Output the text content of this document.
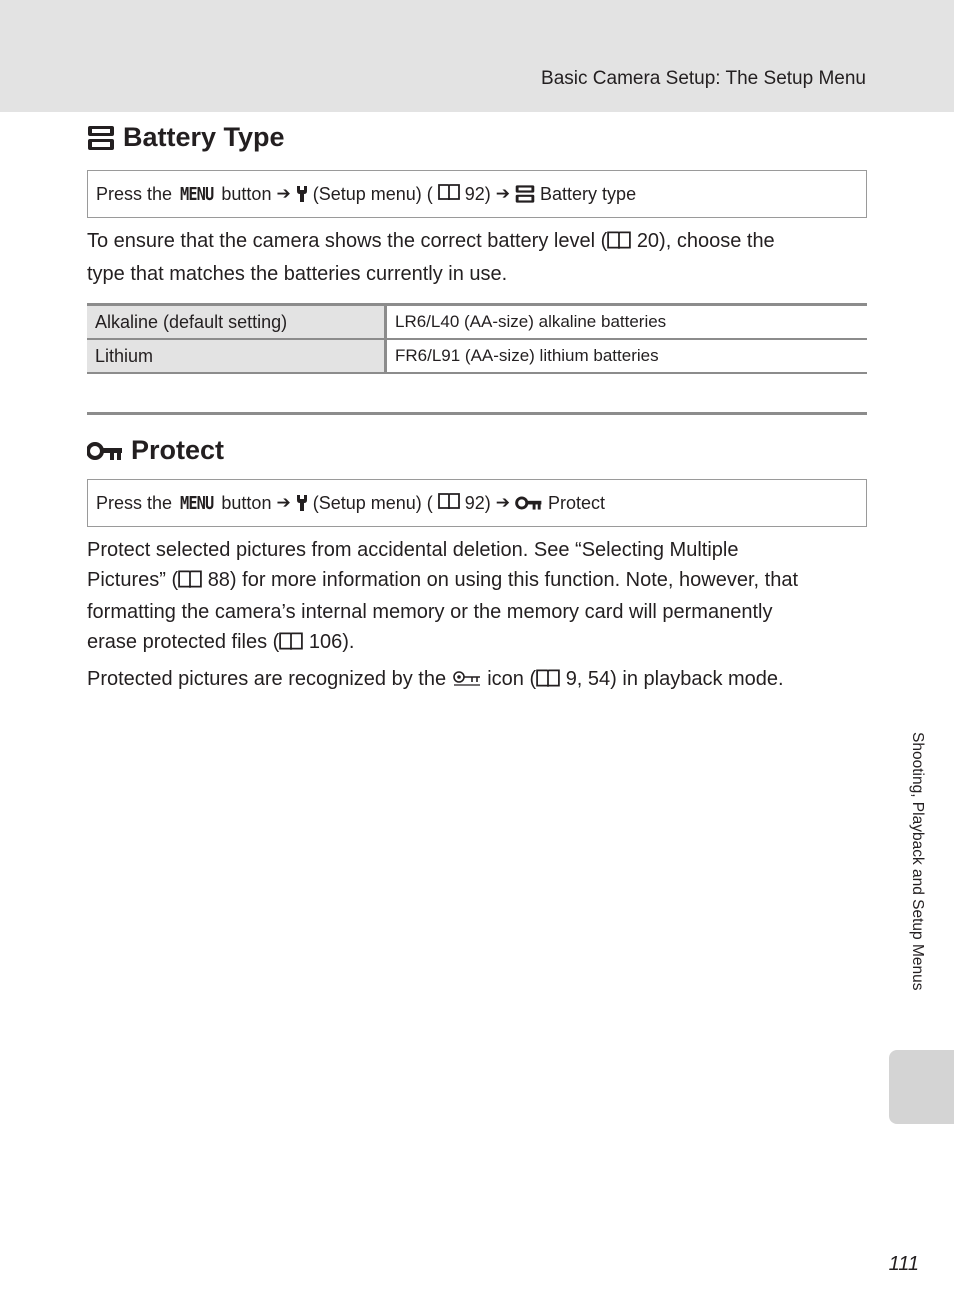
Basic Camera Setup: The Setup Menu
Battery Type
Press the MENU button ➔ (Setup menu) ( 92) ➔ Battery type

To ensure that the camera shows the correct battery level ( 20), choose the
type that matches the batteries currently in use.

Alkaline (default setting)	LR6/L40 (AA-size) alkaline batteries
Lithium	FR6/L91 (AA-size) lithium batteries
Protect
Press the MENU button ➔ (Setup menu) ( 92) ➔ Protect

Protect selected pictures from accidental deletion. See “Selecting Multiple
Pictures” ( 88) for more information on using this function. Note, however, that
formatting the camera’s internal memory or the memory card will permanently
erase protected files ( 106).

Protected pictures are recognized by the icon ( 9, 54) in playback mode.

Shooting, Playback and Setup Menus
111
